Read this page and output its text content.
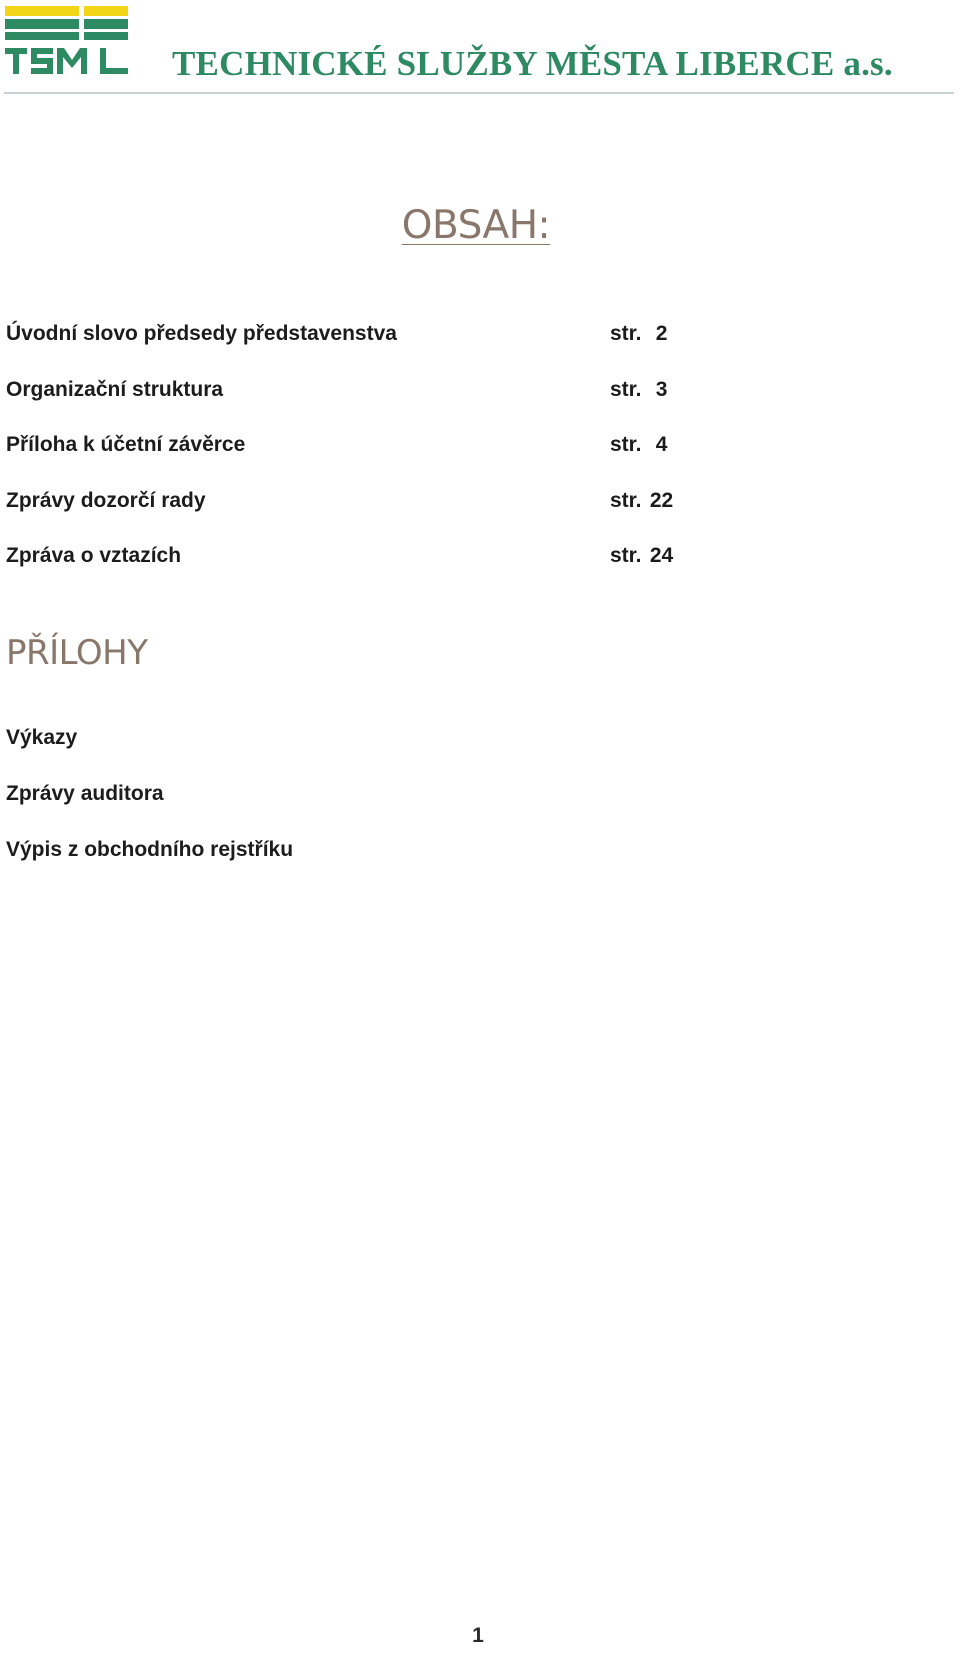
TECHNICKÉ SLUŽBY MĚSTA LIBERCE a.s.
OBSAH:
Úvodní slovo předsedy představenstva	str. 2
Organizační struktura	str. 3
Příloha k účetní závěrce	str. 4
Zprávy dozorčí rady	str. 22
Zpráva o vztazích	str. 24
PŘÍLOHY
Výkazy
Zprávy auditora
Výpis z obchodního rejstříku
1
